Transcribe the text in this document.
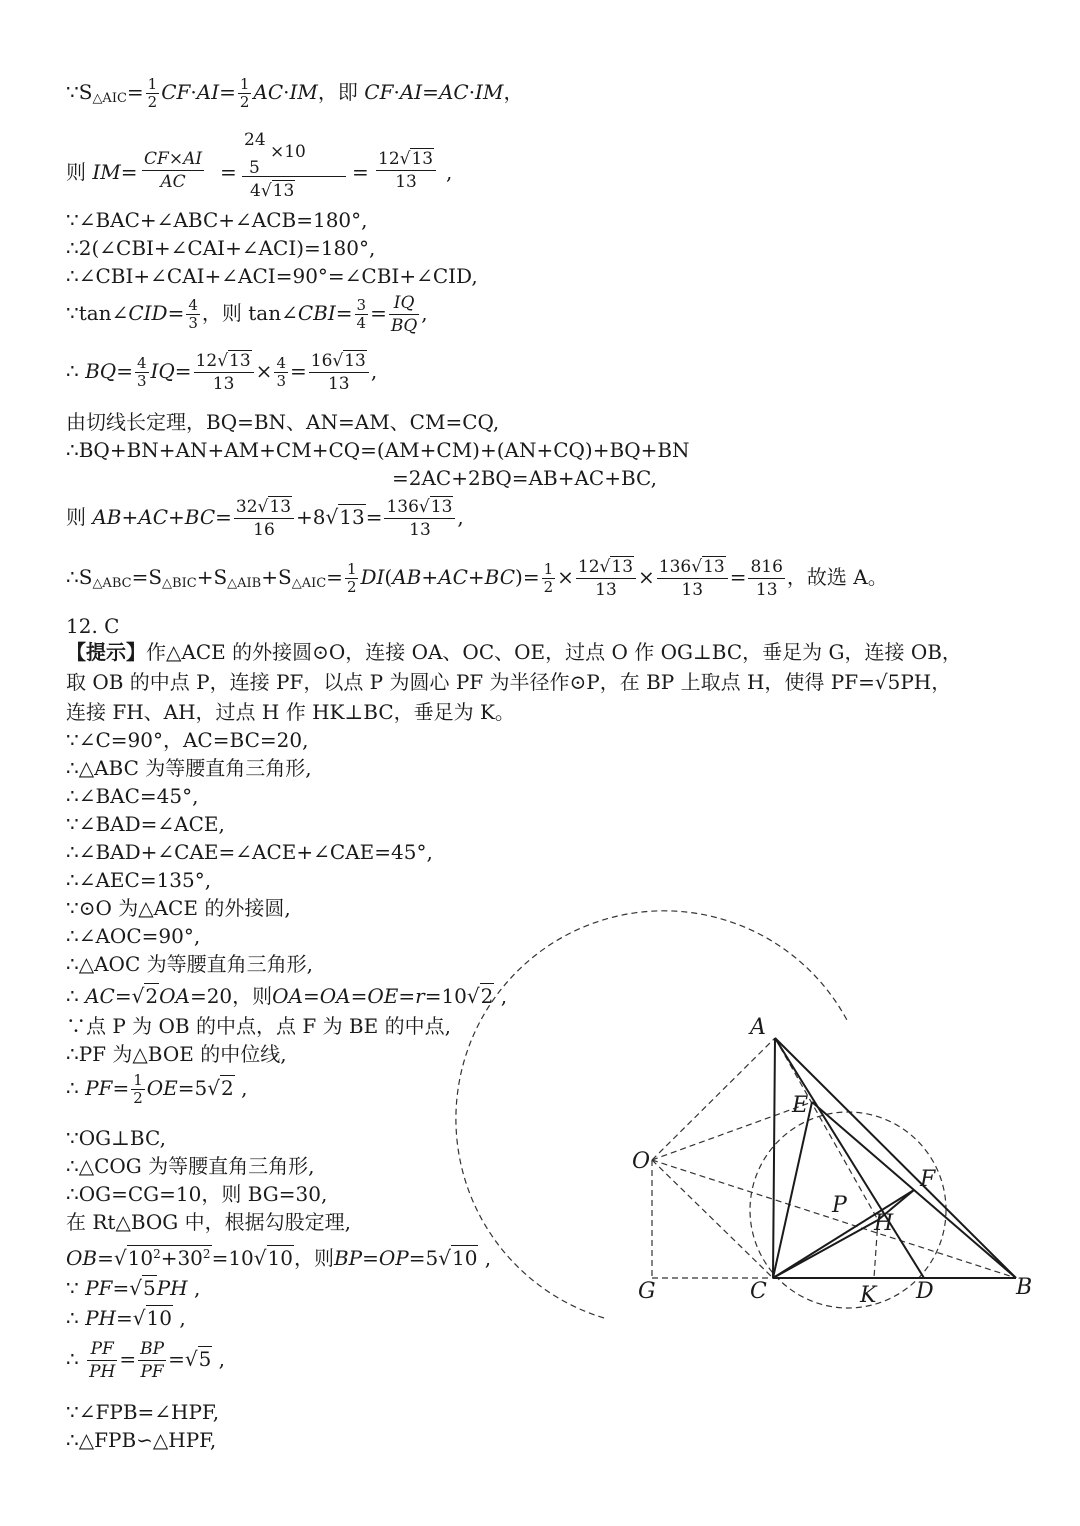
$\because S_{\triangle AIC}= \frac{1}{2} CF\cdot AI= \frac{1}{2} AC\cdot IM$，即 CF·AI=AC·IM，
则 $IM= \frac{CF\times AI}{AC}$ =
24
×10
5
4√13
= $\frac{12√13}{13}$ ,
∵∠BAC+∠ABC+∠ACB=180°,
∴2(∠CBI+∠CAI+∠ACI)=180°,
∴∠CBI+∠CAI+∠ACI=90°=∠CBI+∠CID,
∵tan∠CID= $\frac{4}{3}$ ，则 tan∠CBI= $\frac{3}{4} = \frac{IQ}{BQ}$ ,
∴ $BQ= \frac{4}{3} IQ= \frac{12√13}{13} \times \frac{4}{3} = \frac{16√13}{13}$ ,
由切线长定理，BQ=BN、AN=AM、CM=CQ,
∴BQ+BN+AN+AM+CM+CQ=(AM+CM)+(AN+CQ)+BQ+BN
=2AC+2BQ=AB+AC+BC,
则 $AB+AC+BC= \frac{32√13}{16} +8√13= \frac{136√13}{13}$ ,
$\therefore S_{\triangle ABC}=S_{\triangle BIC}+S_{\triangle AIB}+S_{\triangle AIC}= \frac{1}{2} DI(AB+AC+BC)= \frac{1}{2} \times \frac{12√13}{13} \times \frac{136√13}{13} = \frac{816}{13}$ ，故选 A。
12. C
【提示】作△ACE 的外接圆⊙O，连接 OA、OC、OE，过点 O 作 OG⊥BC，垂足为 G，连接 OB，
取 OB 的中点 P，连接 PF，以点 P 为圆心 PF 为半径作⊙P，在 BP 上取点 H，使得 PF=√5PH，
连接 FH、AH，过点 H 作 HK⊥BC，垂足为 K。
∵∠C=90°，AC=BC=20,
∴△ABC 为等腰直角三角形,
∴∠BAC=45°,
∵∠BAD=∠ACE,
∴∠BAD+∠CAE=∠ACE+∠CAE=45°,
∴∠AEC=135°,
∵⊙O 为△ACE 的外接圆,
∴∠AOC=90°,
∴△AOC 为等腰直角三角形,
∴ AC=√2OA=20，则OA=OA=OE=r=10√2 ,
∵点 P 为 OB 的中点，点 F 为 BE 的中点,
∴PF 为△BOE 的中位线,
∴ $PF= \frac{1}{2} OE=5√2$ ,
∵OG⊥BC,
∴△COG 为等腰直角三角形,
∴OG=CG=10，则 BG=30,
在 Rt△BOG 中，根据勾股定理,
$OB=√10^2+30^2=10√10$，则BP=OP=5√10 ,
∵ PF=√5PH ,
∴ PH=√10 ,
∴ $\frac{PF}{PH} = \frac{BP}{PF} =√5$ ,
∵∠FPB=∠HPF,
∴△FPB∽△HPF,
A
E
O
F
P
H
G	C	K D	B
